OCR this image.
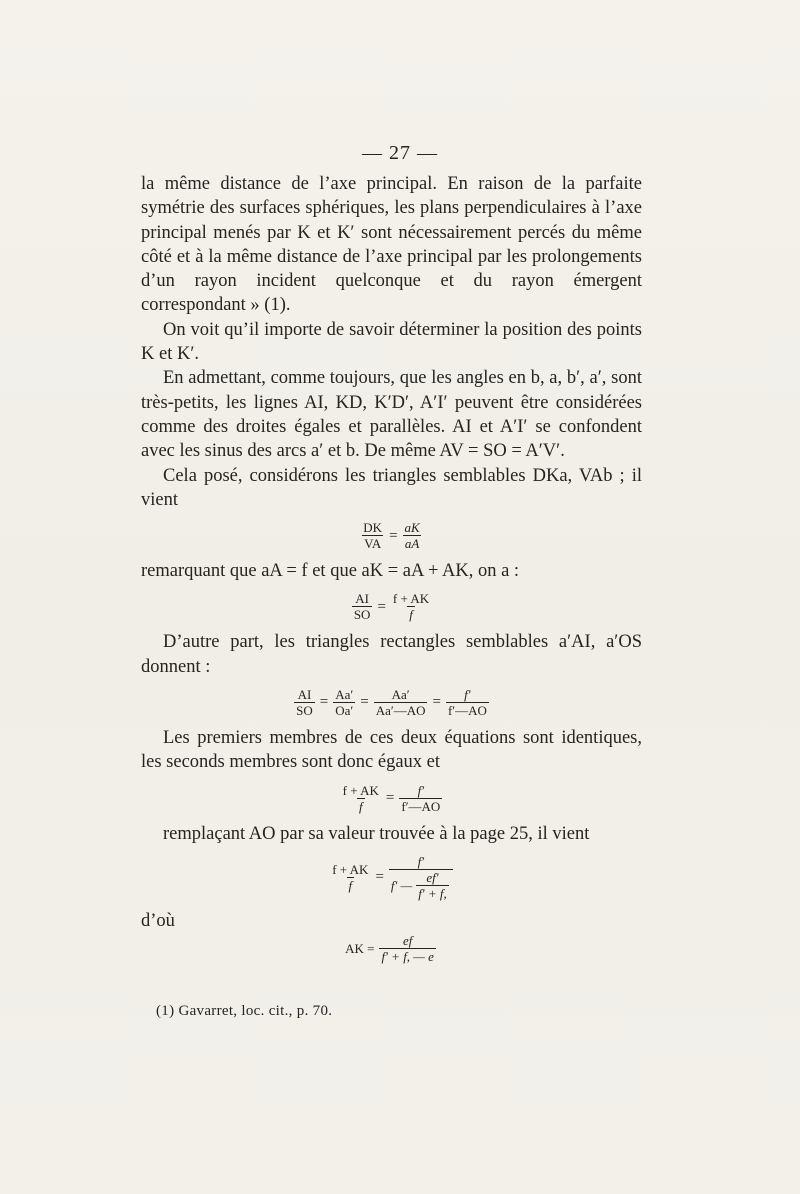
— 27 —

la même distance de l’axe principal. En raison de la parfaite symétrie des surfaces sphériques, les plans perpendiculaires à l’axe principal menés par K et K′ sont nécessairement percés du même côté et à la même distance de l’axe principal par les prolongements d’un rayon incident quelconque et du rayon émergent correspondant » (1).

On voit qu’il importe de savoir déterminer la position des points K et K′.

En admettant, comme toujours, que les angles en b, a, b′, a′, sont très-petits, les lignes AI, KD, K′D′, A′I′ peuvent être considérées comme des droites égales et parallèles. AI et A′I′ se confondent avec les sinus des arcs a′ et b. De même AV = SO = A′V′.

Cela posé, considérons les triangles semblables DKa, VAb ; il vient

$\frac{DK}{VA} = \frac{aK}{aA}$

remarquant que aA = f et que aK = aA + AK, on a :

$\frac{AI}{SO} = \frac{f + AK}{f}$

D’autre part, les triangles rectangles semblables a′AI, a′OS donnent :

$\frac{AI}{SO} = \frac{Aa'}{Oa'} = \frac{Aa'}{Aa'—AO} = \frac{f'}{f'—AO}$

Les premiers membres de ces deux équations sont identiques, les seconds membres sont donc égaux et

$\frac{f + AK}{f} = \frac{f'}{f'—AO}$

remplaçant AO par sa valeur trouvée à la page 25, il vient

$\frac{f + AK}{f} = \frac{f'}{f' — \frac{ef'}{f' + f,}}$

d’où

AK = $\frac{ef}{f' + f, — e}$
(1) Gavarret, loc. cit., p. 70.
